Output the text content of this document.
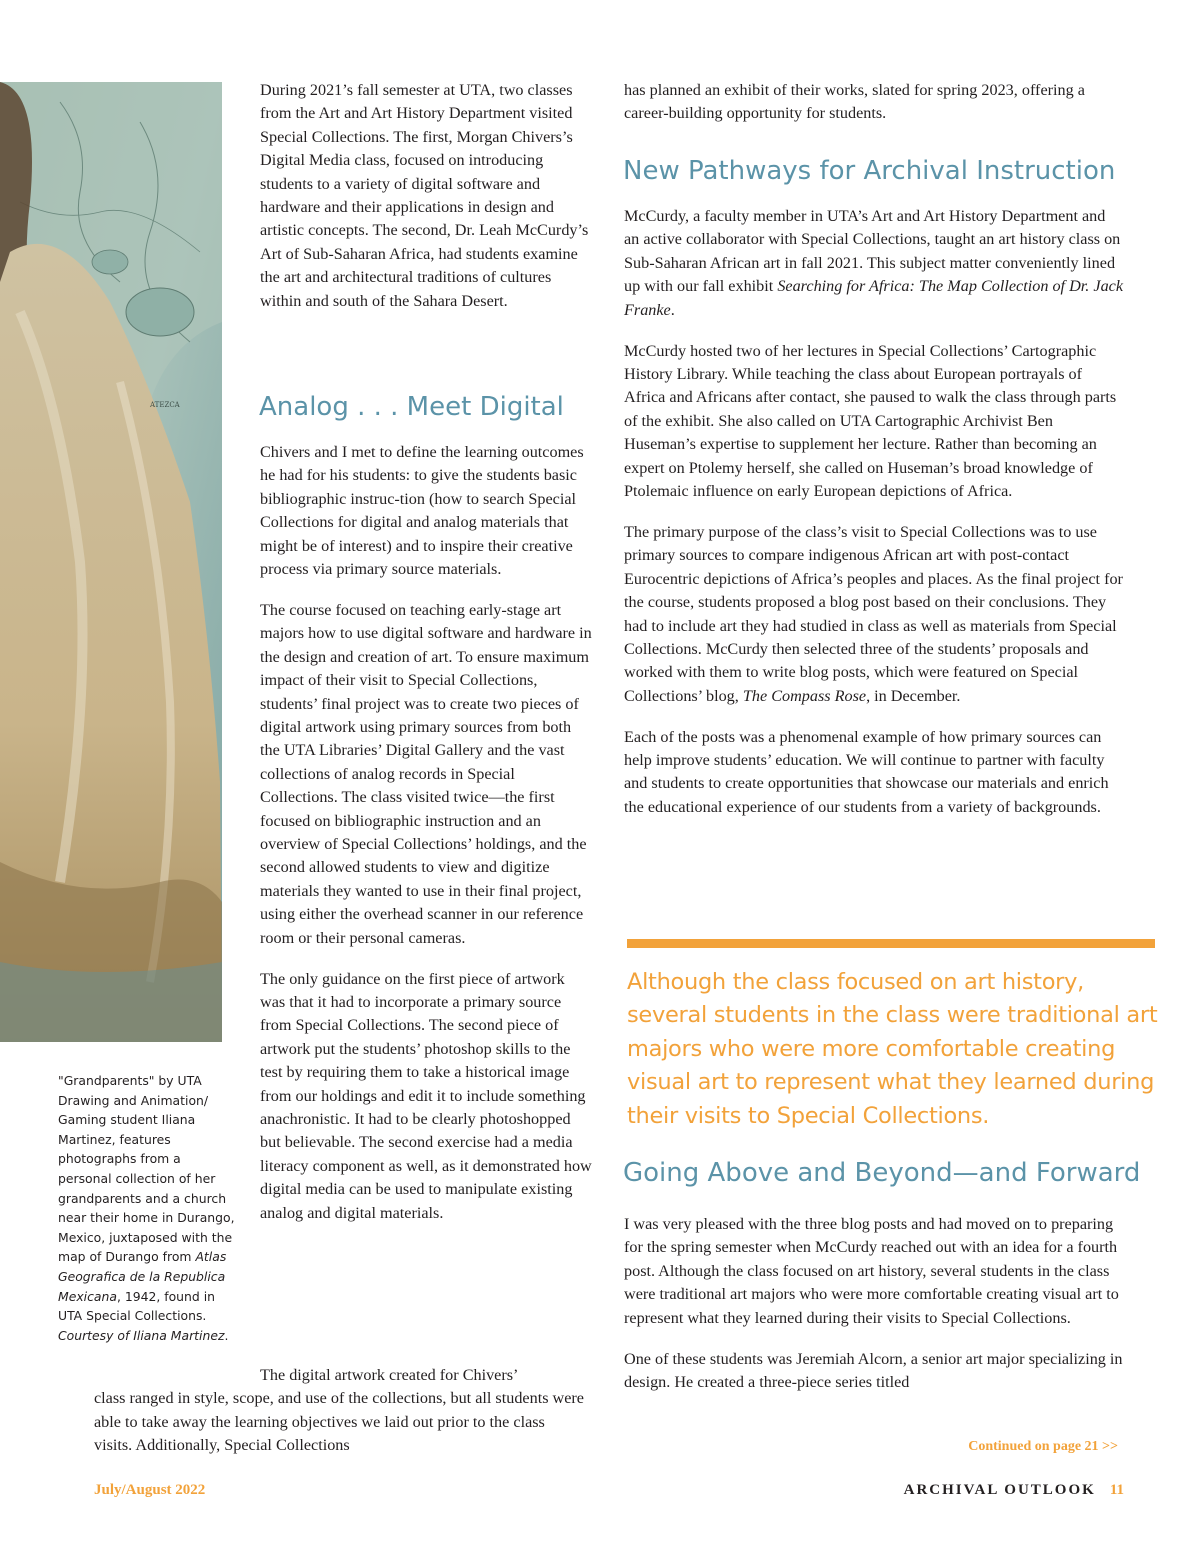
ATEZCA

During 2021’s fall semester at UTA, two classes from the Art and Art History Department visited Special Collections. The first, Morgan Chivers’s Digital Media class, focused on introducing students to a variety of digital software and hardware and their applications in design and artistic concepts. The second, Dr. Leah McCurdy’s Art of Sub-Saharan Africa, had students examine the art and architectural traditions of cultures within and south of the Sahara Desert.

Analog . . . Meet Digital

Chivers and I met to define the learning outcomes he had for his students: to give the students basic bibliographic instruc-tion (how to search Special Collections for digital and analog materials that might be of interest) and to inspire their creative process via primary source materials.

The course focused on teaching early-stage art majors how to use digital software and hardware in the design and creation of art. To ensure maximum impact of their visit to Special Collections, students’ final project was to create two pieces of digital artwork using primary sources from both the UTA Libraries’ Digital Gallery and the vast collections of analog records in Special Collections. The class visited twice—the first focused on bibliographic instruction and an overview of Special Collections’ holdings, and the second allowed students to view and digitize materials they wanted to use in their final project, using either the overhead scanner in our reference room or their personal cameras.

The only guidance on the first piece of artwork was that it had to incorporate a primary source from Special Collections. The second piece of artwork put the students’ photoshop skills to the test by requiring them to take a historical image from our holdings and edit it to include something anachronistic. It had to be clearly photoshopped but believable. The second exercise had a media literacy component as well, as it demonstrated how digital media can be used to manipulate existing analog and digital materials.

The digital artwork created for Chivers’
class ranged in style, scope, and use of the collections, but all students were able to take away the learning objectives we laid out prior to the class visits. Additionally, Special Collections

"Grandparents" by UTA Drawing and Animation/ Gaming student Iliana Martinez, features photographs from a personal collection of her grandparents and a church near their home in Durango, Mexico, juxtaposed with the map of Durango from Atlas Geografica de la Republica Mexicana, 1942, found in UTA Special Collections. Courtesy of Iliana Martinez.

has planned an exhibit of their works, slated for spring 2023, offering a career-building opportunity for students.

New Pathways for Archival Instruction

McCurdy, a faculty member in UTA’s Art and Art History Department and an active collaborator with Special Collections, taught an art history class on Sub-Saharan African art in fall 2021. This subject matter conveniently lined up with our fall exhibit Searching for Africa: The Map Collection of Dr. Jack Franke.

McCurdy hosted two of her lectures in Special Collections’ Cartographic History Library. While teaching the class about European portrayals of Africa and Africans after contact, she paused to walk the class through parts of the exhibit. She also called on UTA Cartographic Archivist Ben Huseman’s expertise to supplement her lecture. Rather than becoming an expert on Ptolemy herself, she called on Huseman’s broad knowledge of Ptolemaic influence on early European depictions of Africa.

The primary purpose of the class’s visit to Special Collections was to use primary sources to compare indigenous African art with post-contact Eurocentric depictions of Africa’s peoples and places. As the final project for the course, students proposed a blog post based on their conclusions. They had to include art they had studied in class as well as materials from Special Collections. McCurdy then selected three of the students’ proposals and worked with them to write blog posts, which were featured on Special Collections’ blog, The Compass Rose, in December.

Each of the posts was a phenomenal example of how primary sources can help improve students’ education. We will continue to partner with faculty and students to create opportunities that showcase our materials and enrich the educational experience of our students from a variety of backgrounds.

Although the class focused on art history, several students in the class were traditional art majors who were more comfortable creating visual art to represent what they learned during their visits to Special Collections.
Going Above and Beyond—and Forward

I was very pleased with the three blog posts and had moved on to preparing for the spring semester when McCurdy reached out with an idea for a fourth post. Although the class focused on art history, several students in the class were traditional art majors who were more comfortable creating visual art to represent what they learned during their visits to Special Collections.

One of these students was Jeremiah Alcorn, a senior art major specializing in design. He created a three-piece series titled

Continued on page 21 >>
July/August 2022	ARCHIVAL OUTLOOK 11
